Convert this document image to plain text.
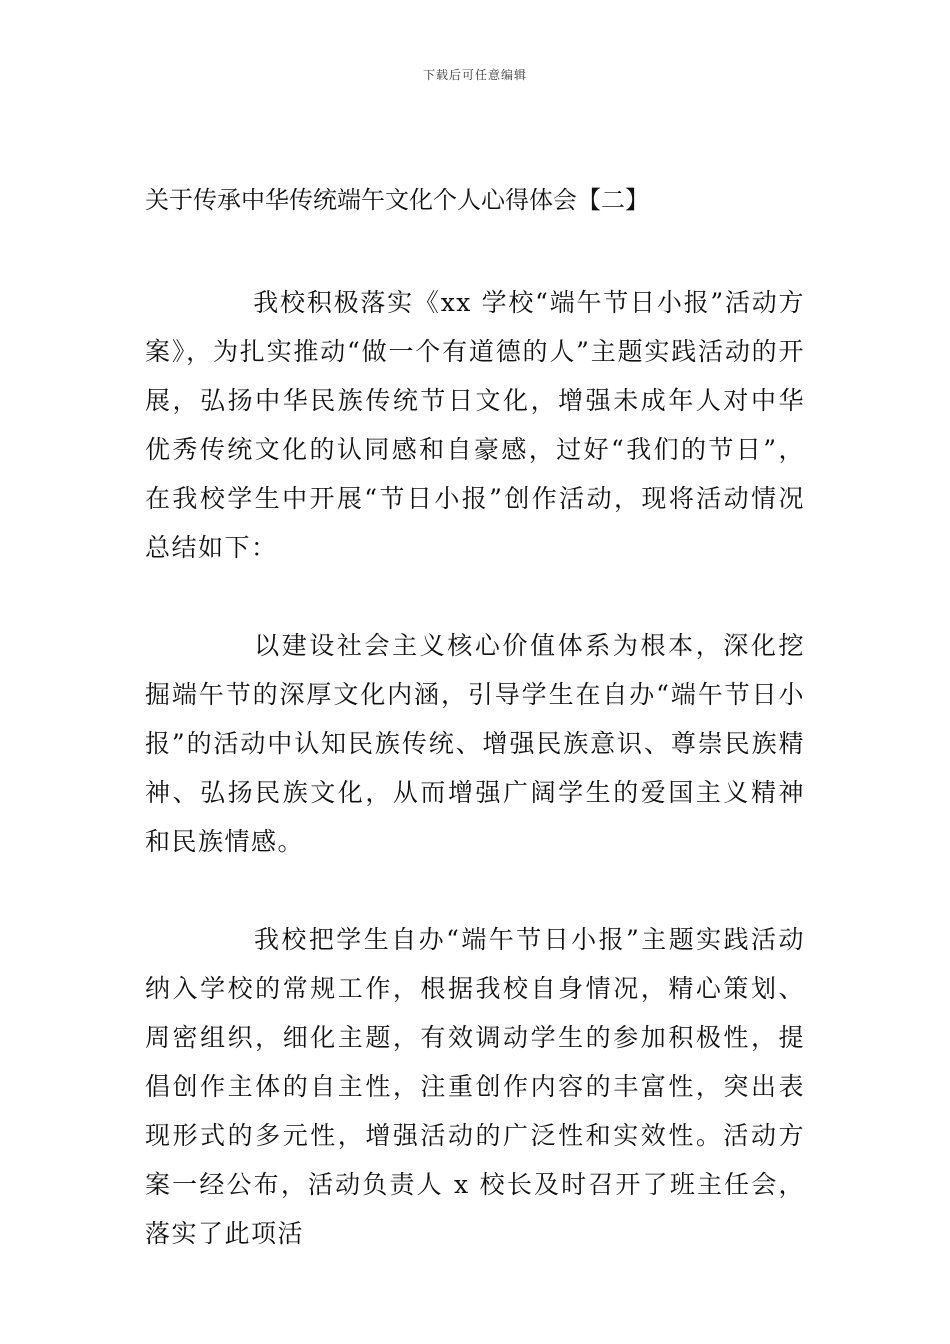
下载后可任意编辑
关于传承中华传统端午文化个人心得体会【二】

我校积极落实《xx 学校“端午节日小报”活动方案》，为扎实推动“做一个有道德的人”主题实践活动的开展，弘扬中华民族传统节日文化，增强未成年人对中华优秀传统文化的认同感和自豪感，过好“我们的节日”，在我校学生中开展“节日小报”创作活动，现将活动情况总结如下：

以建设社会主义核心价值体系为根本，深化挖掘端午节的深厚文化内涵，引导学生在自办“端午节日小报”的活动中认知民族传统、增强民族意识、尊崇民族精神、弘扬民族文化，从而增强广阔学生的爱国主义精神和民族情感。

我校把学生自办“端午节日小报”主题实践活动纳入学校的常规工作，根据我校自身情况，精心策划、周密组织，细化主题，有效调动学生的参加积极性，提倡创作主体的自主性，注重创作内容的丰富性，突出表现形式的多元性，增强活动的广泛性和实效性。活动方案一经公布，活动负责人 x 校长及时召开了班主任会，落实了此项活
